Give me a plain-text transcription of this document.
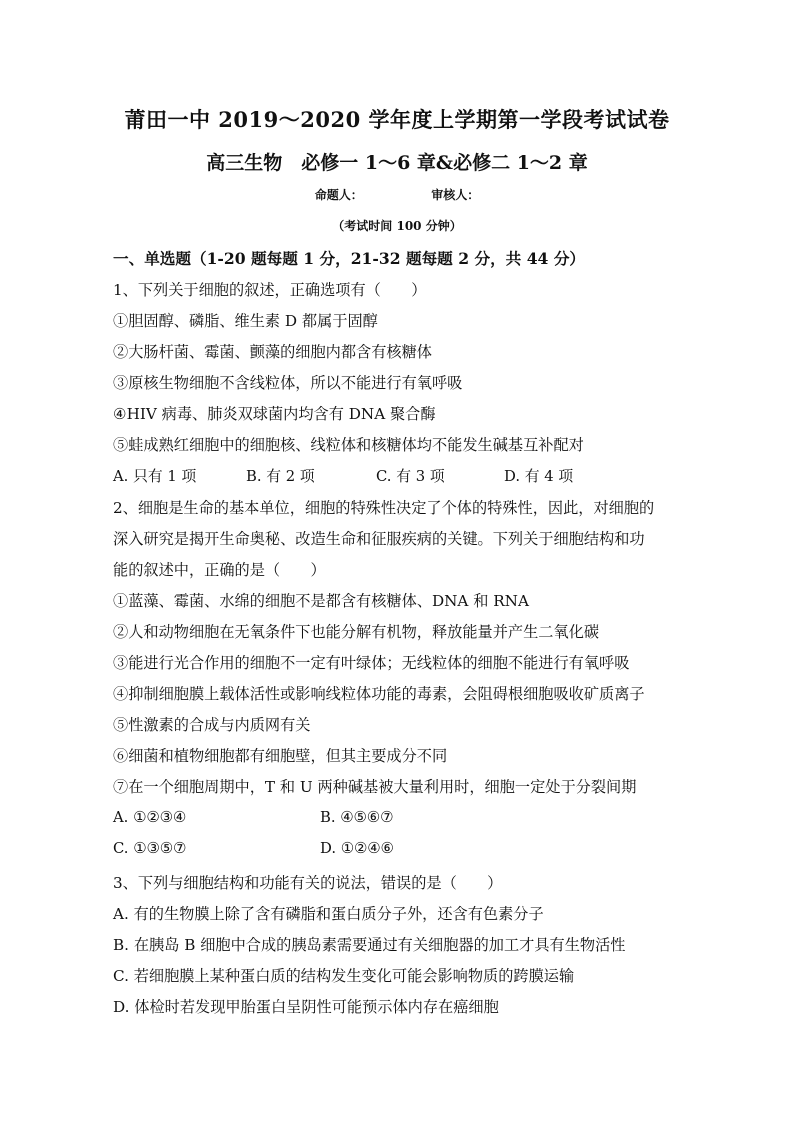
莆田一中 2019～2020 学年度上学期第一学段考试试卷
高三生物　必修一 1～6 章&必修二 1～2 章
命题人：	审核人：
（考试时间 100 分钟）
一、单选题（1-20 题每题 1 分，21-32 题每题 2 分，共 44 分）
1、下列关于细胞的叙述，正确选项有（　　）
①胆固醇、磷脂、维生素 D 都属于固醇
②大肠杆菌、霉菌、颤藻的细胞内都含有核糖体
③原核生物细胞不含线粒体，所以不能进行有氧呼吸
④HIV 病毒、肺炎双球菌内均含有 DNA 聚合酶
⑤蛙成熟红细胞中的细胞核、线粒体和核糖体均不能发生碱基互补配对
A. 只有 1 项	B. 有 2 项	C. 有 3 项	D. 有 4 项
2、细胞是生命的基本单位，细胞的特殊性决定了个体的特殊性，因此，对细胞的
深入研究是揭开生命奥秘、改造生命和征服疾病的关键。下列关于细胞结构和功
能的叙述中，正确的是（　　）
①蓝藻、霉菌、水绵的细胞不是都含有核糖体、DNA 和 RNA
②人和动物细胞在无氧条件下也能分解有机物，释放能量并产生二氧化碳
③能进行光合作用的细胞不一定有叶绿体；无线粒体的细胞不能进行有氧呼吸
④抑制细胞膜上载体活性或影响线粒体功能的毒素，会阻碍根细胞吸收矿质离子
⑤性激素的合成与内质网有关
⑥细菌和植物细胞都有细胞壁，但其主要成分不同
⑦在一个细胞周期中，T 和 U 两种碱基被大量利用时，细胞一定处于分裂间期
A. ①②③④	B. ④⑤⑥⑦
C. ①③⑤⑦	D. ①②④⑥
3、下列与细胞结构和功能有关的说法，错误的是（　　）
A. 有的生物膜上除了含有磷脂和蛋白质分子外，还含有色素分子
B. 在胰岛 B 细胞中合成的胰岛素需要通过有关细胞器的加工才具有生物活性
C. 若细胞膜上某种蛋白质的结构发生变化可能会影响物质的跨膜运输
D. 体检时若发现甲胎蛋白呈阴性可能预示体内存在癌细胞
